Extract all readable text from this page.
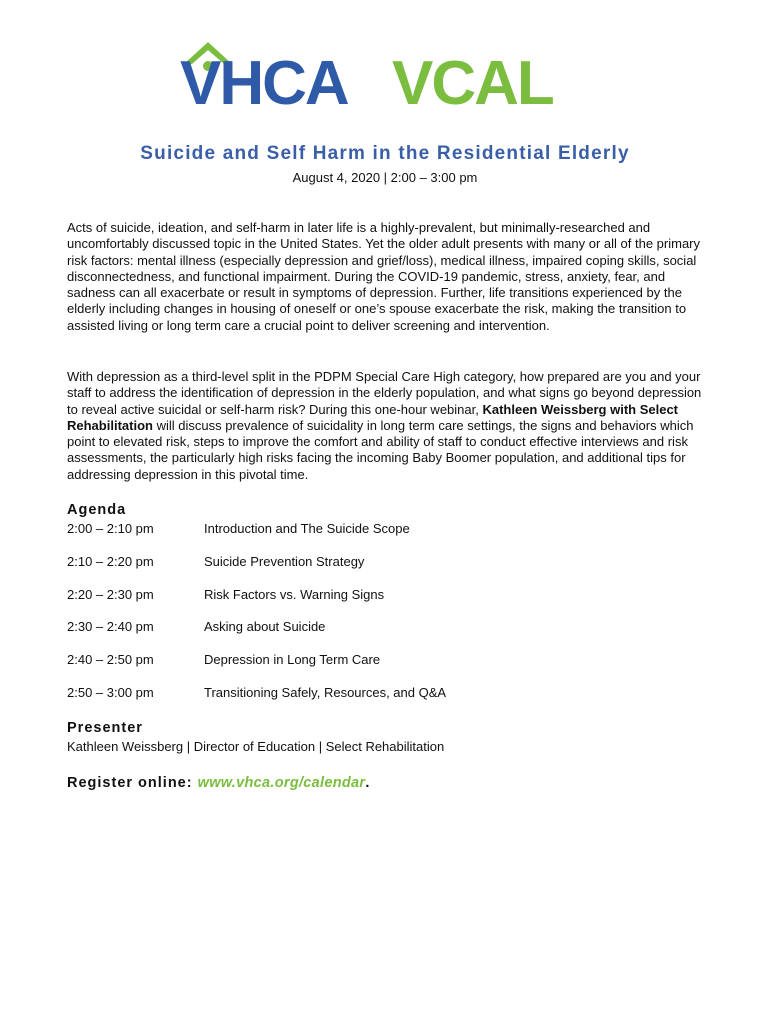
VHCA VCAL
Suicide and Self Harm in the Residential Elderly
August 4, 2020 | 2:00 – 3:00 pm

Acts of suicide, ideation, and self-harm in later life is a highly-prevalent, but minimally-researched and uncomfortably discussed topic in the United States. Yet the older adult presents with many or all of the primary risk factors: mental illness (especially depression and grief/loss), medical illness, impaired coping skills, social disconnectedness, and functional impairment. During the COVID-19 pandemic, stress, anxiety, fear, and sadness can all exacerbate or result in symptoms of depression. Further, life transitions experienced by the elderly including changes in housing of oneself or one’s spouse exacerbate the risk, making the transition to assisted living or long term care a crucial point to deliver screening and intervention.

With depression as a third-level split in the PDPM Special Care High category, how prepared are you and your staff to address the identification of depression in the elderly population, and what signs go beyond depression to reveal active suicidal or self-harm risk? During this one-hour webinar, Kathleen Weissberg with Select Rehabilitation will discuss prevalence of suicidality in long term care settings, the signs and behaviors which point to elevated risk, steps to improve the comfort and ability of staff to conduct effective interviews and risk assessments, the particularly high risks facing the incoming Baby Boomer population, and additional tips for addressing depression in this pivotal time.

Agenda
2:00 – 2:10 pm	Introduction and The Suicide Scope
2:10 – 2:20 pm	Suicide Prevention Strategy
2:20 – 2:30 pm	Risk Factors vs. Warning Signs
2:30 – 2:40 pm	Asking about Suicide
2:40 – 2:50 pm	Depression in Long Term Care
2:50 – 3:00 pm	Transitioning Safely, Resources, and Q&A
Presenter
Kathleen Weissberg | Director of Education | Select Rehabilitation
Register online: www.vhca.org/calendar.
